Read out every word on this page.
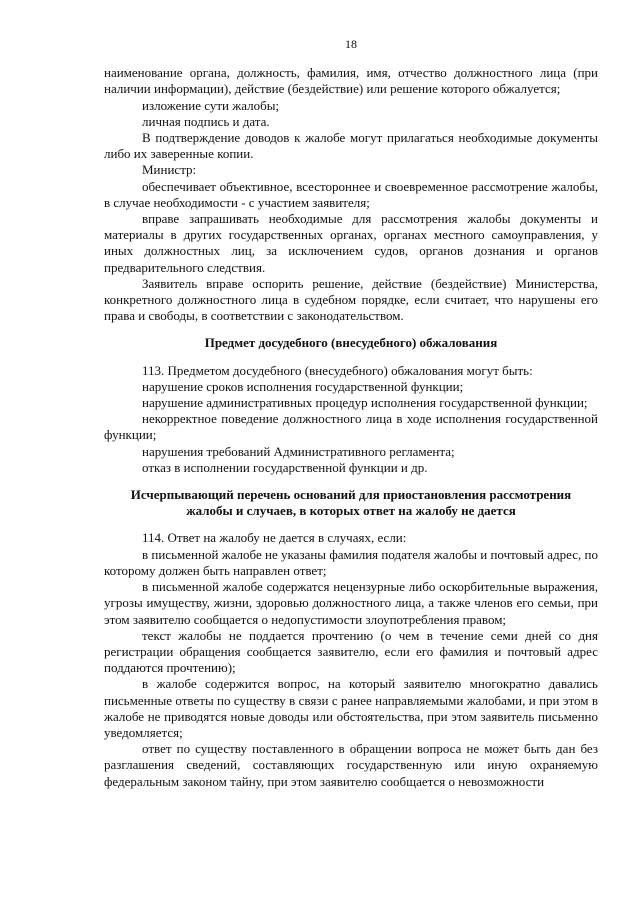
18

наименование органа, должность, фамилия, имя, отчество должностного лица (при наличии информации), действие (бездействие) или решение которого обжалуется;

изложение сути жалобы;

личная подпись и дата.

В подтверждение доводов к жалобе могут прилагаться необходимые документы либо их заверенные копии.

Министр:

обеспечивает объективное, всестороннее и своевременное рассмотрение жалобы, в случае необходимости - с участием заявителя;

вправе запрашивать необходимые для рассмотрения жалобы документы и материалы в других государственных органах, органах местного самоуправления, у иных должностных лиц, за исключением судов, органов дознания и органов предварительного следствия.

Заявитель вправе оспорить решение, действие (бездействие) Министерства, конкретного должностного лица в судебном порядке, если считает, что нарушены его права и свободы, в соответствии с законодательством.

Предмет досудебного (внесудебного) обжалования

113. Предметом досудебного (внесудебного) обжалования могут быть:

нарушение сроков исполнения государственной функции;

нарушение административных процедур исполнения государственной функции;

некорректное поведение должностного лица в ходе исполнения государственной функции;

нарушения требований Административного регламента;

отказ в исполнении государственной функции и др.

Исчерпывающий перечень оснований для приостановления рассмотрения

жалобы и случаев, в которых ответ на жалобу не дается

114. Ответ на жалобу не дается в случаях, если:

в письменной жалобе не указаны фамилия подателя жалобы и почтовый адрес, по которому должен быть направлен ответ;

в письменной жалобе содержатся нецензурные либо оскорбительные выражения, угрозы имуществу, жизни, здоровью должностного лица, а также членов его семьи, при этом заявителю сообщается о недопустимости злоупотребления правом;

текст жалобы не поддается прочтению (о чем в течение семи дней со дня регистрации обращения сообщается заявителю, если его фамилия и почтовый адрес поддаются прочтению);

в жалобе содержится вопрос, на который заявителю многократно давались письменные ответы по существу в связи с ранее направляемыми жалобами, и при этом в жалобе не приводятся новые доводы или обстоятельства, при этом заявитель письменно уведомляется;

ответ по существу поставленного в обращении вопроса не может быть дан без разглашения сведений, составляющих государственную или иную охраняемую федеральным законом тайну, при этом заявителю сообщается о невозможности
